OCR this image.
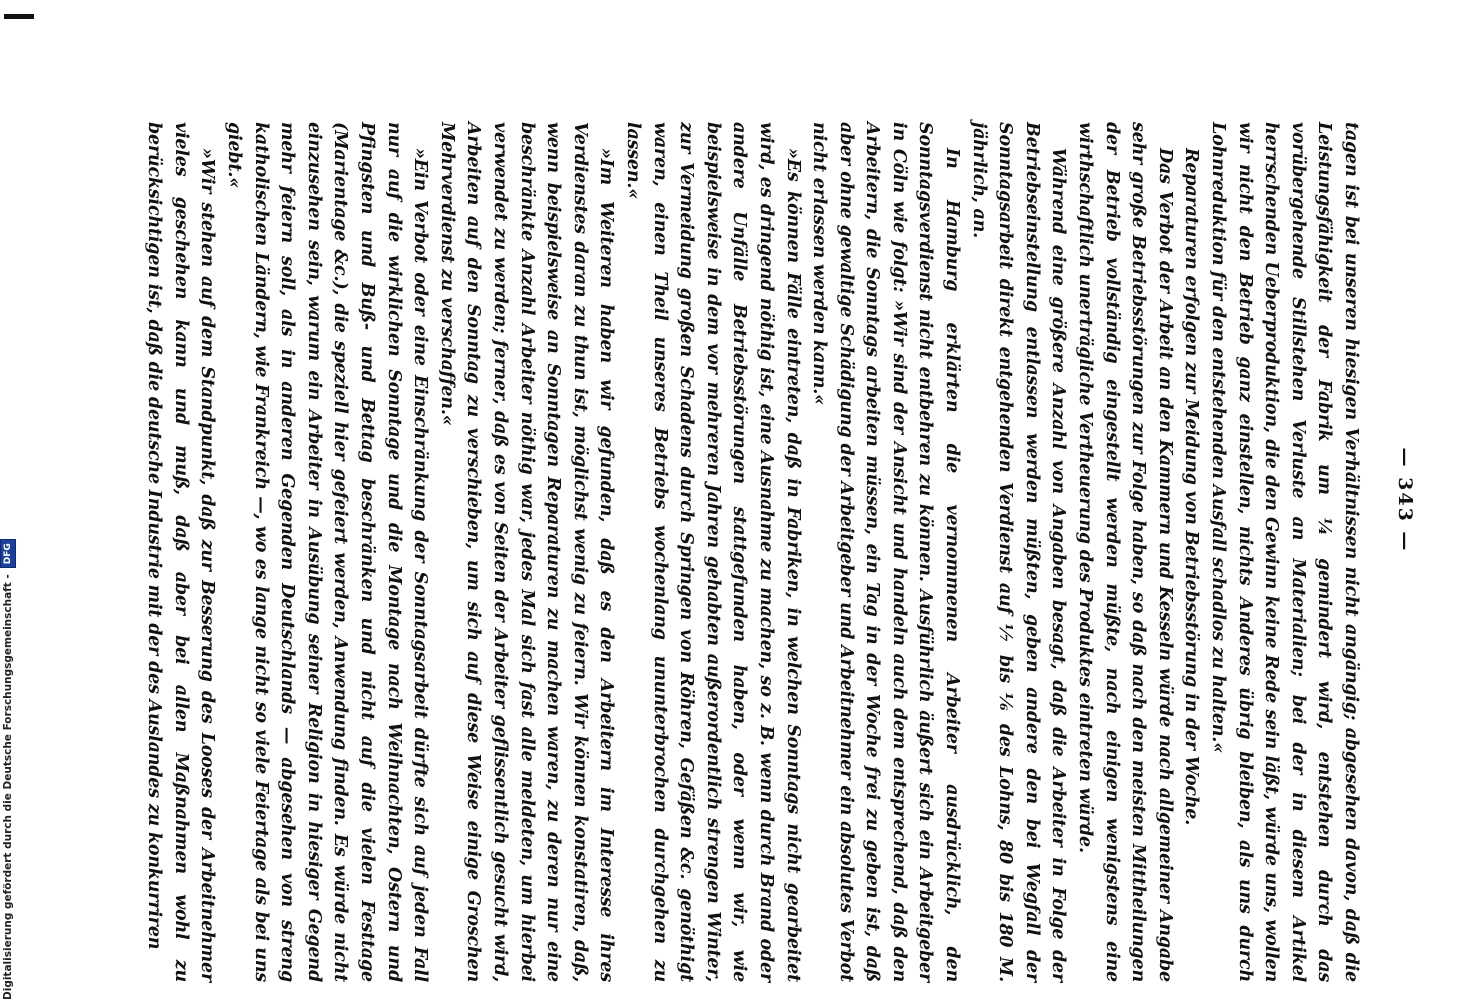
— 343 —

tagen ist bei unseren hiesigen Verhältnissen nicht angängig; abgesehen davon, daß die Leistungsfähigkeit der Fabrik um ¼ gemindert wird, entstehen durch das vorübergehende Stillstehen Verluste an Materialien; bei der in diesem Artikel herrschenden Ueberproduktion, die den Gewinn keine Rede sein läßt, würde uns, wollen wir nicht den Betrieb ganz einstellen, nichts Anderes übrig bleiben, als uns durch Lohnreduktion für den entstehenden Ausfall schadlos zu halten.«

Reparaturen erfolgen zur Meidung von Betriebsstörung in der Woche.

Das Verbot der Arbeit an den Kammern und Kesseln würde nach allgemeiner Angabe sehr große Betriebsstörungen zur Folge haben, so daß nach den meisten Mittheilungen der Betrieb vollständig eingestellt werden müßte, nach einigen wenigstens eine wirthschaftlich unerträgliche Vertheuerung des Produktes eintreten würde.

Während eine größere Anzahl von Angaben besagt, daß die Arbeiter in Folge der Betriebseinstellung entlassen werden müßten, geben andere den bei Wegfall der Sonntagsarbeit direkt entgehenden Verdienst auf ⅐ bis ⅙ des Lohns, 80 bis 180 M. jährlich, an.

In Hamburg erklärten die vernommenen Arbeiter ausdrücklich, den Sonntagsverdienst nicht entbehren zu können. Ausführlich äußert sich ein Arbeitgeber in Cöln wie folgt: »Wir sind der Ansicht und handeln auch dem entsprechend, daß den Arbeitern, die Sonntags arbeiten müssen, ein Tag in der Woche frei zu geben ist, daß aber ohne gewaltige Schädigung der Arbeitgeber und Arbeitnehmer ein absolutes Verbot nicht erlassen werden kann.«

»Es können Fälle eintreten, daß in Fabriken, in welchen Sonntags nicht gearbeitet wird, es dringend nöthig ist, eine Ausnahme zu machen, so z. B. wenn durch Brand oder andere Unfälle Betriebsstörungen stattgefunden haben, oder wenn wir, wie beispielsweise in dem vor mehreren Jahren gehabten außerordentlich strengen Winter, zur Vermeidung großen Schadens durch Springen von Röhren, Gefäßen &c. genöthigt waren, einen Theil unseres Betriebs wochenlang ununterbrochen durchgehen zu lassen.«

»Im Weiteren haben wir gefunden, daß es den Arbeitern im Interesse ihres Verdienstes daran zu thun ist, möglichst wenig zu feiern. Wir können konstatiren, daß, wenn beispielsweise an Sonntagen Reparaturen zu machen waren, zu deren nur eine beschränkte Anzahl Arbeiter nöthig war, jedes Mal sich fast alle meldeten, um hierbei verwendet zu werden; ferner, daß es von Seiten der Arbeiter geflissentlich gesucht wird, Arbeiten auf den Sonntag zu verschieben, um sich auf diese Weise einige Groschen Mehrverdienst zu verschaffen.«

»Ein Verbot oder eine Einschränkung der Sonntagsarbeit dürfte sich auf jeden Fall nur auf die wirklichen Sonntage und die Montage nach Weihnachten, Ostern und Pfingsten und Buß- und Bettag beschränken und nicht auf die vielen Festtage (Marientage &c.), die speziell hier gefeiert werden, Anwendung finden. Es würde nicht einzusehen sein, warum ein Arbeiter in Ausübung seiner Religion in hiesiger Gegend mehr feiern soll, als in anderen Gegenden Deutschlands — abgesehen von streng katholischen Ländern, wie Frankreich —, wo es lange nicht so viele Feiertage als bei uns giebt.«

»Wir stehen auf dem Standpunkt, daß zur Besserung des Looses der Arbeitnehmer vieles geschehen kann und muß, daß aber bei allen Maßnahmen wohl zu berücksichtigen ist, daß die deutsche Industrie mit der des Auslandes zu konkurriren

Digitalisierung gefördert durch die Deutsche Forschungsgemeinschaft -
DFG
